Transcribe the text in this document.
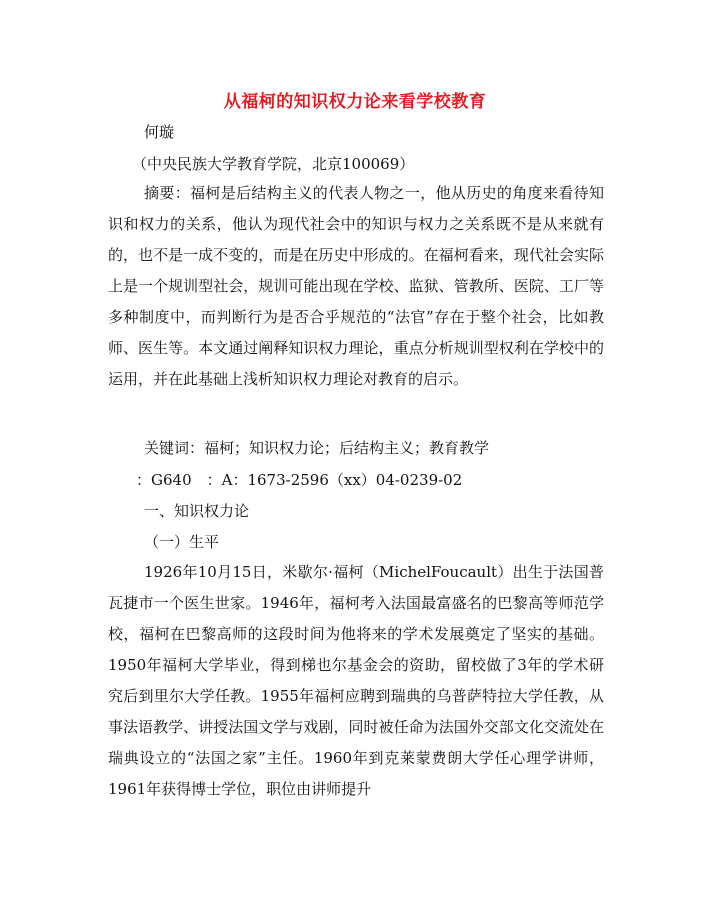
从福柯的知识权力论来看学校教育
何璇
（中央民族大学教育学院，北京100069）
摘要：福柯是后结构主义的代表人物之一，他从历史的角度来看待知识和权力的关系，他认为现代社会中的知识与权力之关系既不是从来就有的，也不是一成不变的，而是在历史中形成的。在福柯看来，现代社会实际上是一个规训型社会，规训可能出现在学校、监狱、管教所、医院、工厂等多种制度中，而判断行为是否合乎规范的“法官”存在于整个社会，比如教师、医生等。本文通过阐释知识权力理论，重点分析规训型权利在学校中的运用，并在此基础上浅析知识权力理论对教育的启示。
关键词：福柯；知识权力论；后结构主义；教育教学
：G640　：A：1673-2596（xx）04-0239-02
一、知识权力论
（一）生平
1926年10月15日，米歇尔·福柯（MichelFoucault）出生于法国普瓦捷市一个医生世家。1946年，福柯考入法国最富盛名的巴黎高等师范学校，福柯在巴黎高师的这段时间为他将来的学术发展奠定了坚实的基础。1950年福柯大学毕业，得到梯也尔基金会的资助，留校做了3年的学术研究后到里尔大学任教。1955年福柯应聘到瑞典的乌普萨特拉大学任教，从事法语教学、讲授法国文学与戏剧，同时被任命为法国外交部文化交流处在瑞典设立的“法国之家”主任。1960年到克莱蒙费朗大学任心理学讲师，1961年获得博士学位，职位由讲师提升
